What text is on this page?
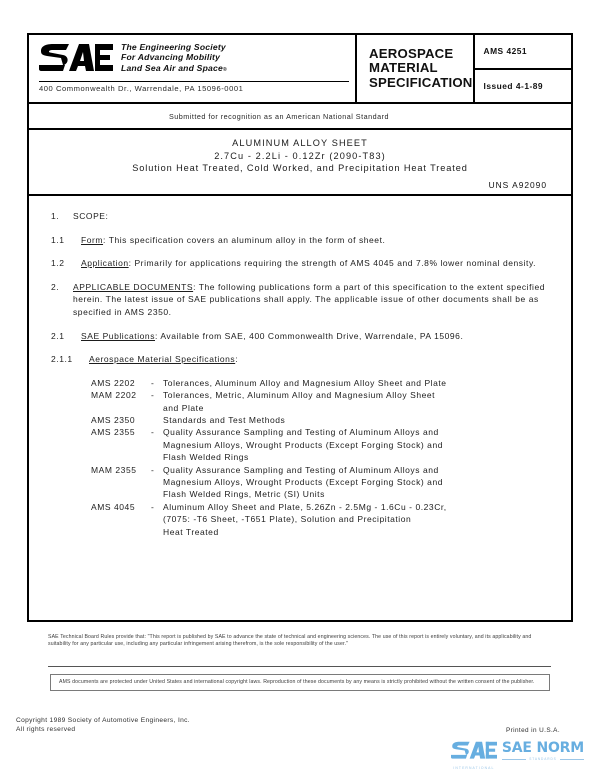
The Engineering Society
For Advancing Mobility
Land Sea Air and Space®
400 Commonwealth Dr., Warrendale, PA 15096-0001
AEROSPACE
MATERIAL
SPECIFICATION
AMS 4251
Issued 4-1-89
Submitted for recognition as an American National Standard
ALUMINUM ALLOY SHEET
2.7Cu - 2.2Li - 0.12Zr (2090-T83)
Solution Heat Treated, Cold Worked, and Precipitation Heat Treated
UNS A92090
1.	SCOPE:
1.1	Form: This specification covers an aluminum alloy in the form of sheet.
1.2	Application: Primarily for applications requiring the strength of AMS 4045 and 7.8% lower nominal density.
2.	APPLICABLE DOCUMENTS: The following publications form a part of this specification to the extent specified herein. The latest issue of SAE publications shall apply. The applicable issue of other documents shall be as specified in AMS 2350.
2.1	SAE Publications: Available from SAE, 400 Commonwealth Drive, Warrendale, PA 15096.
2.1.1	Aerospace Material Specifications:
AMS 2202	-	Tolerances, Aluminum Alloy and Magnesium Alloy Sheet and Plate
MAM 2202	-	Tolerances, Metric, Aluminum Alloy and Magnesium Alloy Sheet
and Plate
AMS 2350	Standards and Test Methods
AMS 2355	-	Quality Assurance Sampling and Testing of Aluminum Alloys and
Magnesium Alloys, Wrought Products (Except Forging Stock) and
Flash Welded Rings
MAM 2355	-	Quality Assurance Sampling and Testing of Aluminum Alloys and
Magnesium Alloys, Wrought Products (Except Forging Stock) and
Flash Welded Rings, Metric (SI) Units
AMS 4045	-	Aluminum Alloy Sheet and Plate, 5.26Zn - 2.5Mg - 1.6Cu - 0.23Cr,
(7075: -T6 Sheet, -T651 Plate), Solution and Precipitation
Heat Treated
SAE Technical Board Rules provide that: "This report is published by SAE to advance the state of technical and engineering sciences. The use of this report is entirely voluntary, and its applicability and suitability for any particular use, including any particular infringement arising therefrom, is the sole responsibility of the user."
AMS documents are protected under United States and international copyright laws. Reproduction of these documents by any means is strictly prohibited without the written consent of the publisher.
Copyright 1989 Society of Automotive Engineers, Inc.
All rights reserved	Printed in U.S.A.
INTERNATIONAL
SAE NORM
STANDARDS
